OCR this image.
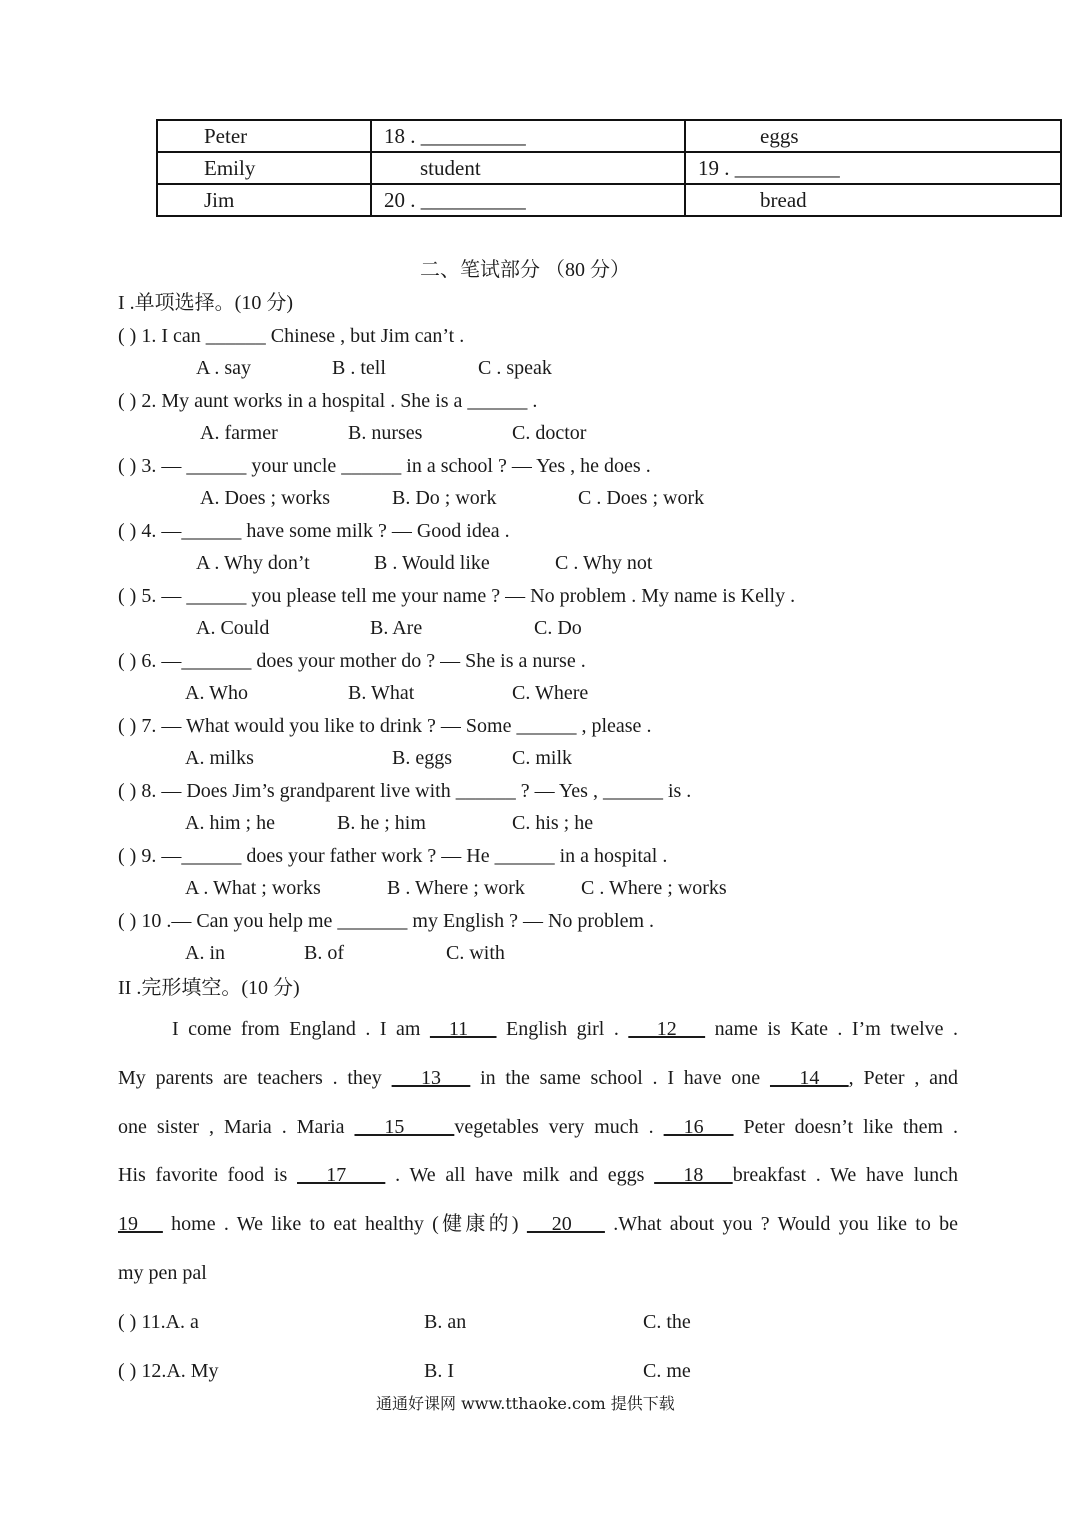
Peter	18 . __________	eggs
Emily	student	19 . __________
Jim	20 . __________	bread
二、笔试部分 （80 分）
I .单项选择。(10 分)
( ) 1. I can ______ Chinese , but Jim can’t .
A . say	B . tell	C . speak
( ) 2. My aunt works in a hospital . She is a ______ .
A. farmer	B. nurses	C. doctor
( ) 3. — ______ your uncle ______ in a school ? — Yes , he does .
A. Does ; works	B. Do ; work	C . Does ; work
( ) 4. —______ have some milk ? — Good idea .
A . Why don’t	B . Would like	C . Why not
( ) 5. — ______ you please tell me your name ? — No problem . My name is Kelly .
A. Could	B. Are	C. Do
( ) 6. —_______ does your mother do ? — She is a nurse .
A. Who	B. What	C. Where
( ) 7. — What would you like to drink ? — Some ______ , please .
A. milks	B. eggs	C. milk
( ) 8. — Does Jim’s grandparent live with ______ ? — Yes , ______ is .
A. him ; he	B. he ; him	C. his ; he
( ) 9. —______ does your father work ? — He ______ in a hospital .
A . What ; works	B . Where ; work	C . Where ; works
( ) 10 .— Can you help me _______ my English ? — No problem .
A. in	B. of	C. with
II .完形填空。(10 分)
I come from England . I am   11    English girl .    12    name is Kate . I’m twelve .
My parents are teachers . they    13    in the same school . I have one    14   , Peter , and
one sister , Maria . Maria    15     vegetables very much .   16    Peter doesn’t like them .
His favorite food is    17     . We all have milk and eggs    18   breakfast . We have lunch
19    home . We like to eat healthy (健康的)    20     .What about you ? Would you like to be
my pen pal
( ) 11.A. a	B. an	C. the
( ) 12.A. My	B. I	C. me
通通好课网 www.tthaoke.com 提供下载
